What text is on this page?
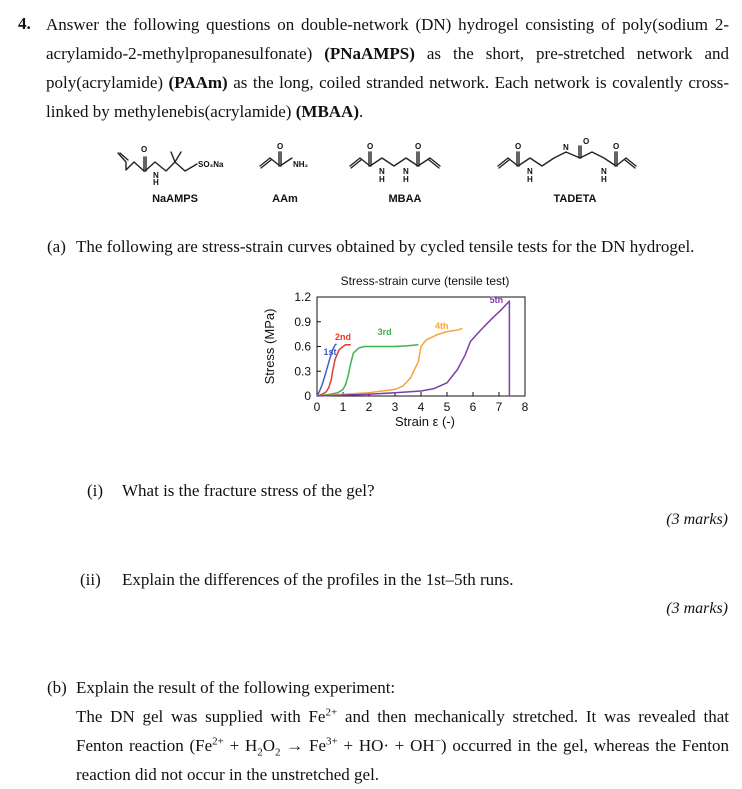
4. Answer the following questions on double-network (DN) hydrogel consisting of poly(sodium 2-acrylamido-2-methylpropanesulfonate) (PNaAMPS) as the short, pre-stretched network and poly(acrylamide) (PAAm) as the long, coiled stranded network. Each network is covalently cross-linked by methylenebis(acrylamide) (MBAA).
SO₃Na
N
H
O
NH₂
O
N
H
N
H
O	O
N
H
N
N
H
O
O
O
NaAMPS	AAm	MBAA	TADETA
(a) The following are stress-strain curves obtained by cycled tensile tests for the DN hydrogel.
Stress-strain curve (tensile test)
Stress (MPa)
Strain ε (-)
0 1 2 3 4 5 6 7 8
0
0.3
0.6
0.9
1.2
1st
2nd	3rd
4th
5th
(i) What is the fracture stress of the gel?
(3 marks)
(ii) Explain the differences of the profiles in the 1st–5th runs.
(3 marks)
(b) Explain the result of the following experiment:
The DN gel was supplied with $Fe^{2+}$ and then mechanically stretched. It was revealed that Fenton reaction $(Fe^{2+} + H_2O_2 \to Fe^{3+} + HO\cdot + OH^-)$ occurred in the gel, whereas the Fenton reaction did not occur in the unstretched gel.
